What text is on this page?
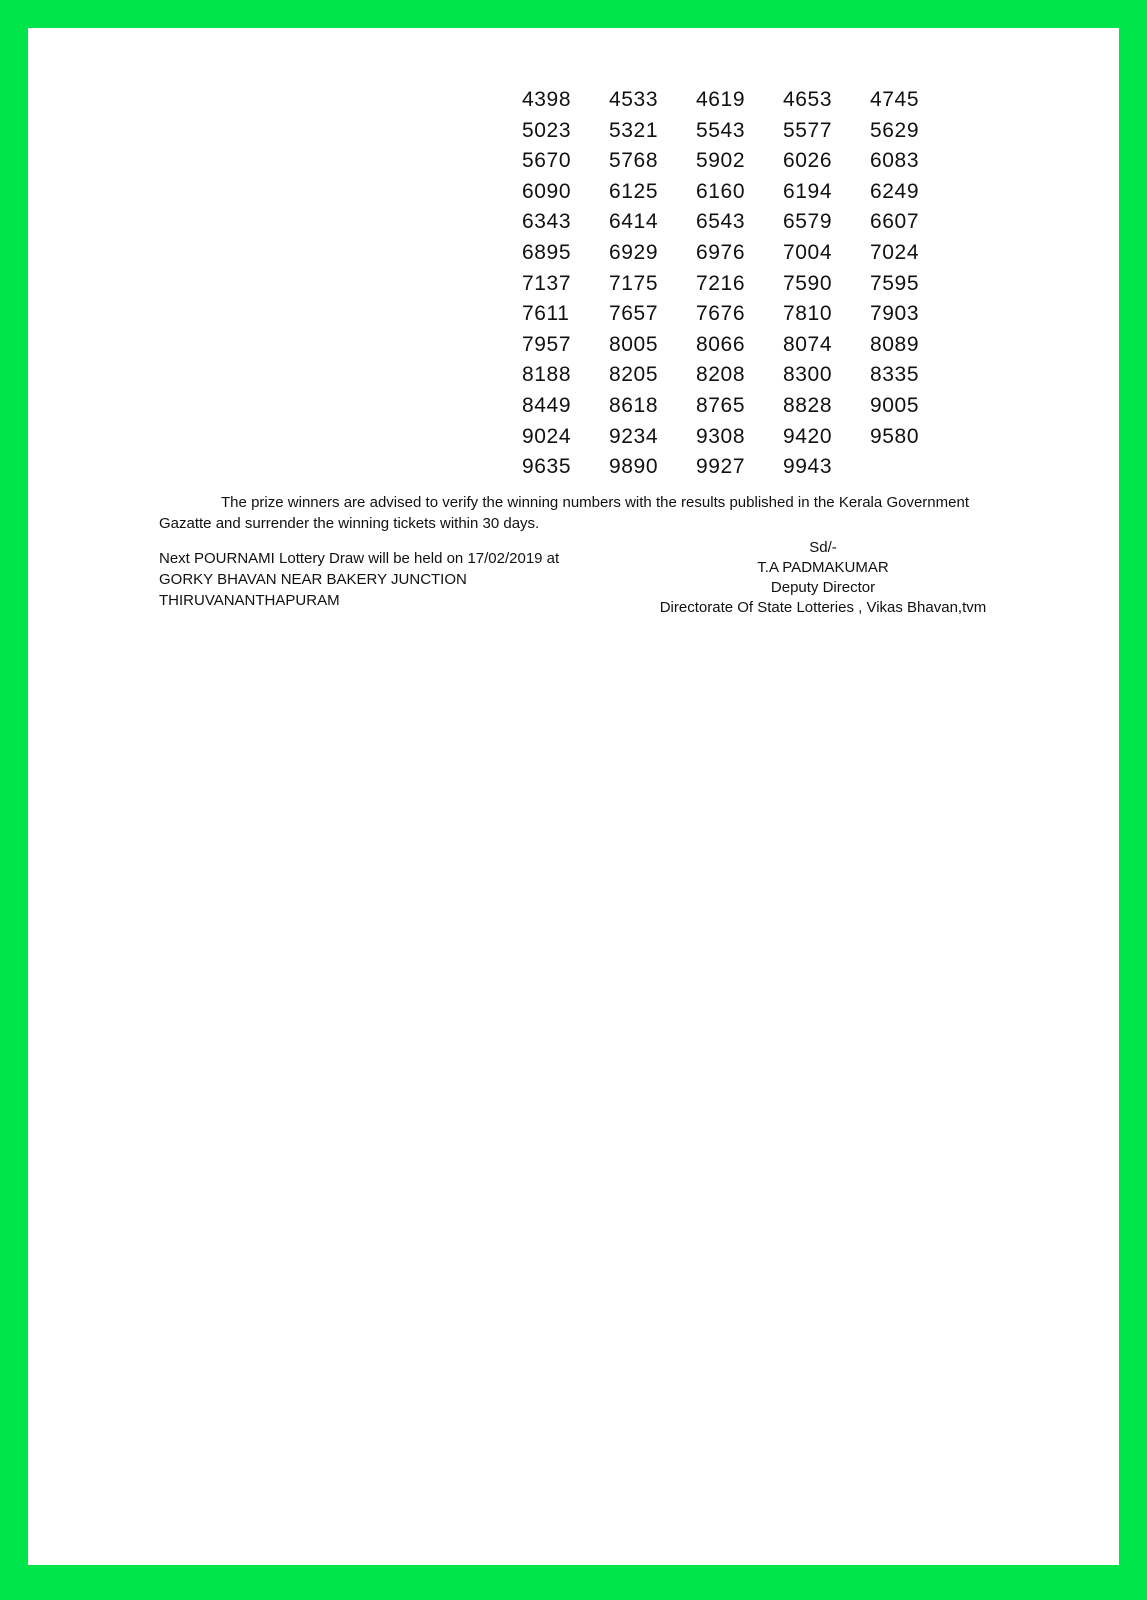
4398	4533	4619	4653	4745
5023	5321	5543	5577	5629
5670	5768	5902	6026	6083
6090	6125	6160	6194	6249
6343	6414	6543	6579	6607
6895	6929	6976	7004	7024
7137	7175	7216	7590	7595
7611	7657	7676	7810	7903
7957	8005	8066	8074	8089
8188	8205	8208	8300	8335
8449	8618	8765	8828	9005
9024	9234	9308	9420	9580
9635	9890	9927	9943

The prize winners are advised to verify the winning numbers with the results published in the Kerala Government Gazatte and surrender the winning tickets within 30 days.

Next POURNAMI Lottery Draw will be held on 17/02/2019 at GORKY BHAVAN NEAR BAKERY JUNCTION THIRUVANANTHAPURAM

Sd/-
T.A PADMAKUMAR
Deputy Director
Directorate Of State Lotteries , Vikas Bhavan,tvm
